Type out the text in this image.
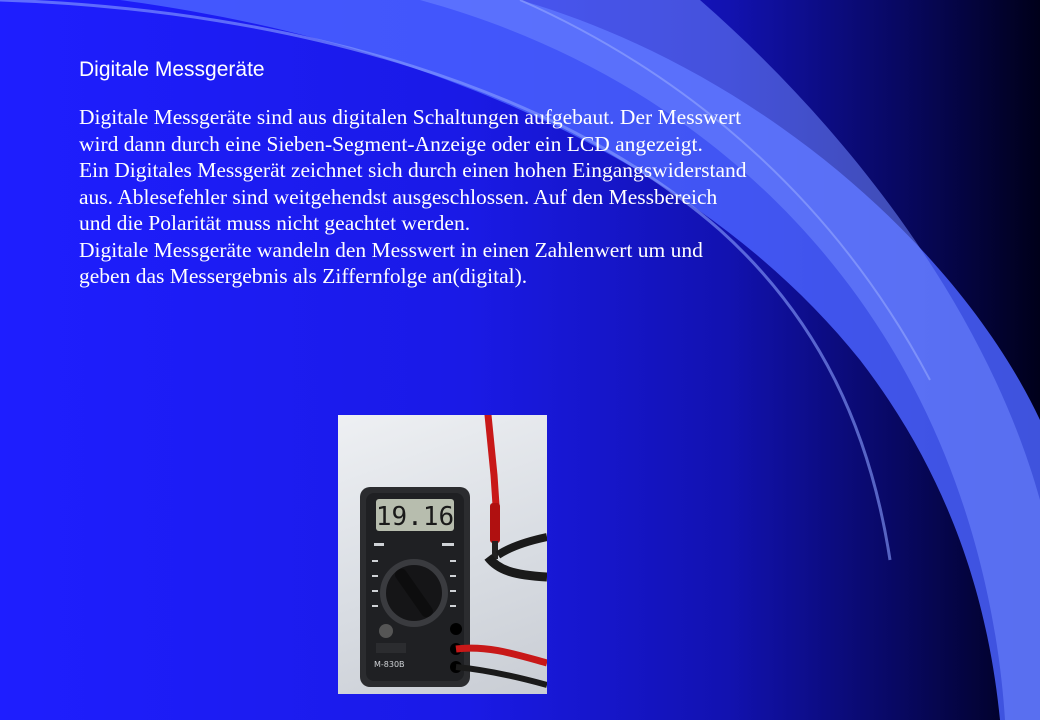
Digitale Messgeräte
Digitale Messgeräte sind aus digitalen Schaltungen aufgebaut. Der Messwert
wird dann durch eine Sieben-Segment-Anzeige oder ein LCD angezeigt.
Ein Digitales Messgerät zeichnet sich durch einen hohen Eingangswiderstand
aus. Ablesefehler sind weitgehendst ausgeschlossen. Auf den Messbereich
und die Polarität muss nicht geachtet werden.
Digitale Messgeräte wandeln den Messwert in einen Zahlenwert um und
geben das Messergebnis als Ziffernfolge an(digital).
19.16
M-830B
